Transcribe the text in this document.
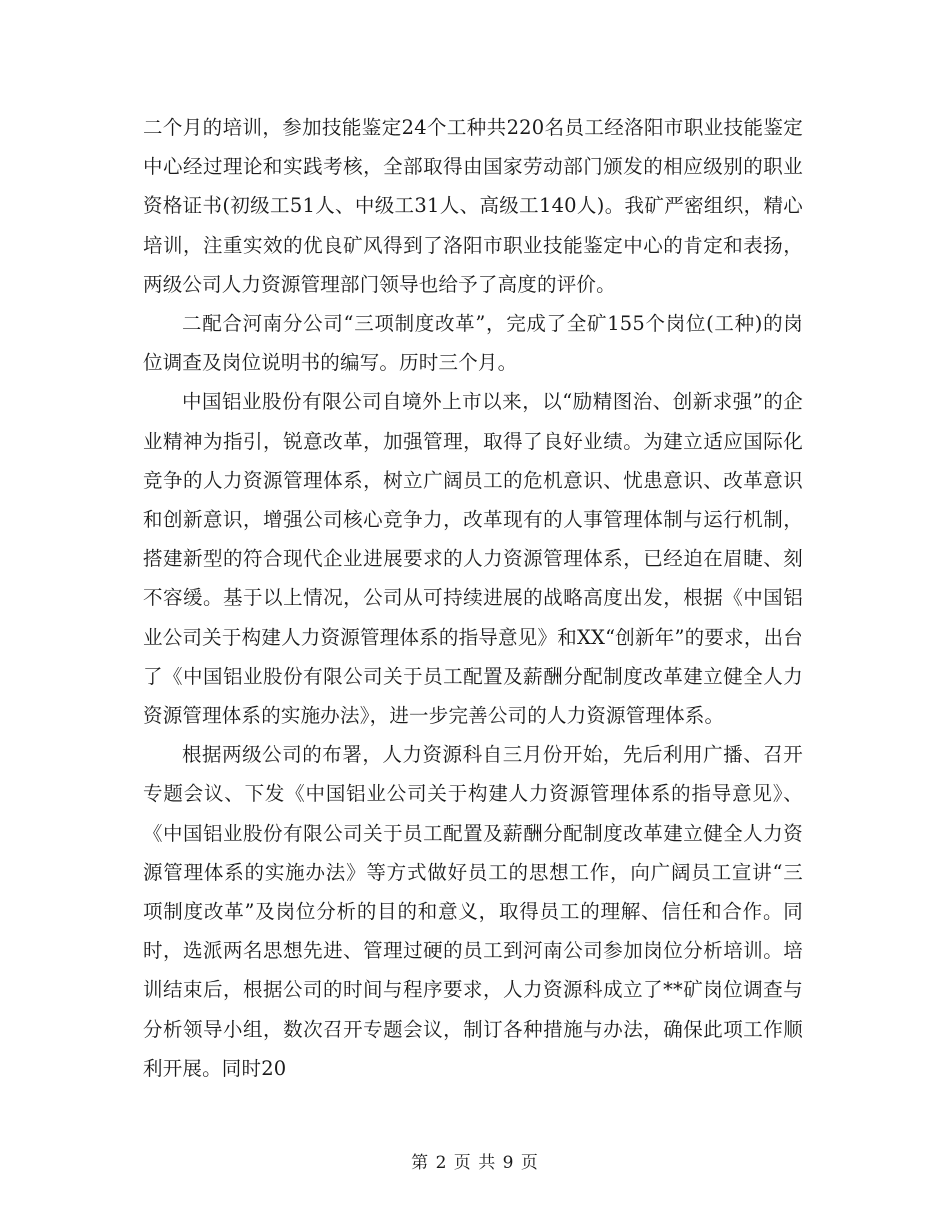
二个月的培训，参加技能鉴定24个工种共220名员工经洛阳市职业技能鉴定中心经过理论和实践考核，全部取得由国家劳动部门颁发的相应级别的职业资格证书(初级工51人、中级工31人、高级工140人)。我矿严密组织，精心培训，注重实效的优良矿风得到了洛阳市职业技能鉴定中心的肯定和表扬，两级公司人力资源管理部门领导也给予了高度的评价。

二配合河南分公司“三项制度改革”，完成了全矿155个岗位(工种)的岗位调查及岗位说明书的编写。历时三个月。

中国铝业股份有限公司自境外上市以来，以“励精图治、创新求强”的企业精神为指引，锐意改革，加强管理，取得了良好业绩。为建立适应国际化竞争的人力资源管理体系，树立广阔员工的危机意识、忧患意识、改革意识和创新意识，增强公司核心竞争力，改革现有的人事管理体制与运行机制，搭建新型的符合现代企业进展要求的人力资源管理体系，已经迫在眉睫、刻不容缓。基于以上情况，公司从可持续进展的战略高度出发，根据《中国铝业公司关于构建人力资源管理体系的指导意见》和XX“创新年”的要求，出台了《中国铝业股份有限公司关于员工配置及薪酬分配制度改革建立健全人力资源管理体系的实施办法》，进一步完善公司的人力资源管理体系。

根据两级公司的布署，人力资源科自三月份开始，先后利用广播、召开专题会议、下发《中国铝业公司关于构建人力资源管理体系的指导意见》、《中国铝业股份有限公司关于员工配置及薪酬分配制度改革建立健全人力资源管理体系的实施办法》等方式做好员工的思想工作，向广阔员工宣讲“三项制度改革”及岗位分析的目的和意义，取得员工的理解、信任和合作。同时，选派两名思想先进、管理过硬的员工到河南公司参加岗位分析培训。培训结束后，根据公司的时间与程序要求，人力资源科成立了**矿岗位调查与分析领导小组，数次召开专题会议，制订各种措施与办法，确保此项工作顺利开展。同时20

第 2 页 共 9 页
